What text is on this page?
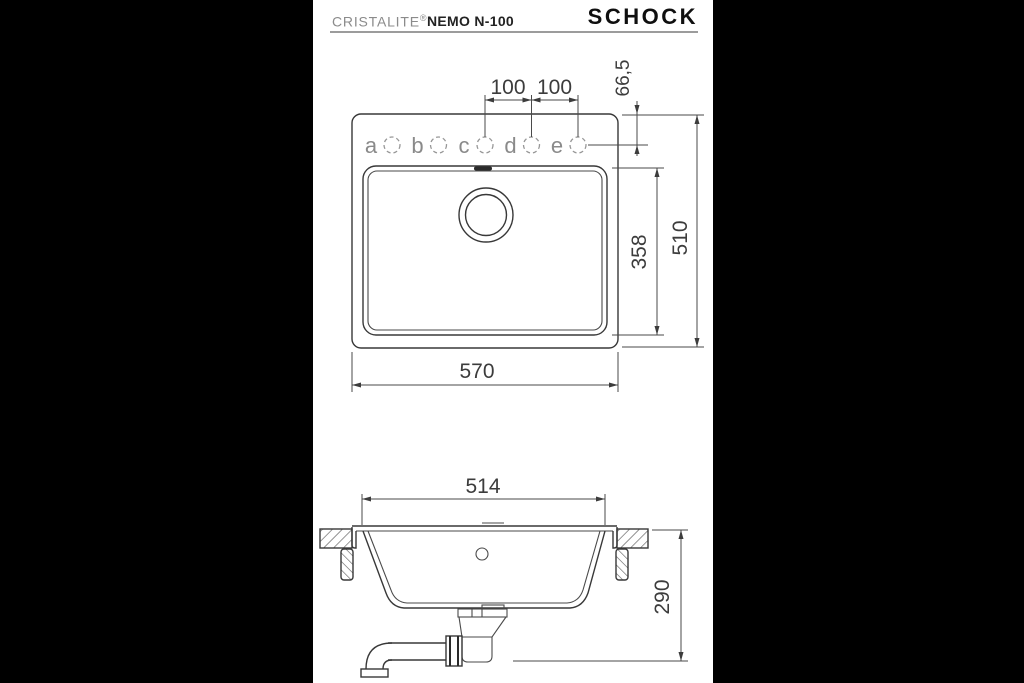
CRISTALITE® NEMO N-100	SCHOCK
a b c d e
100 100 66,5
358 510
570
514
290
